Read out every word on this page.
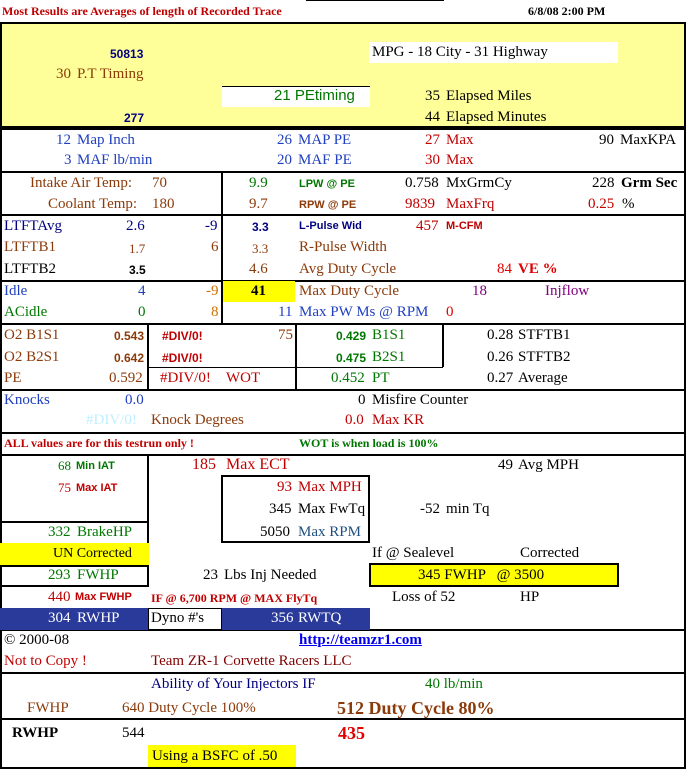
Most Results are Averages of length of Recorded Trace	6/8/08 2:00 PM
50813	MPG - 18 City - 31 Highway
30 P.T Timing
21 PEtiming	35 Elapsed Miles
277	44 Elapsed Minutes
12 Map Inch	26 MAP PE	27 Max	90 MaxKPA
3 MAF lb/min	20 MAF PE	30 Max
Intake Air Temp: 70	9.9	LPW @ PE	0.758 MxGrmCy	228 Grm Sec
Coolant Temp: 180	9.7	RPW @ PE	9839 MaxFrq	0.25 %
LTFTAvg	2.6	-9	3.3	L-Pulse Wid	457 M-CFM
LTFTB1	1.7	6	3.3 R-Pulse Width
LTFTB2	3.5	4.6 Avg Duty Cycle	84 VE %
Idle	4	-9 41 Max Duty Cycle	18	Injflow
ACidle	0	8	11 Max PW Ms @ RPM 0
O2 B1S1	0.543 #DIV/0!	75	0.429 B1S1	0.28 STFTB1
O2 B2S1	0.642 #DIV/0!	0.475 B2S1	0.26 STFTB2
PE	0.592 #DIV/0! WOT	0.452 PT	0.27 Average
Knocks	0.0	0 Misfire Counter
#DIV/0! Knock Degrees	0.0 Max KR
ALL values are for this testrun only !	WOT is when load is 100%
68 Min IAT	185 Max ECT	49 Avg MPH
75 Max IAT	93 Max MPH
345 Max FwTq	-52 min Tq
5050 Max RPM
332 BrakeHP
UN Corrected	If @ Sealevel	Corrected
293 FWHP	23 Lbs Inj Needed	345 FWHP   @ 3500
440 Max FWHP IF @ 6,700 RPM @ MAX FlyTq	Loss of 52	HP
304 RWHP Dyno #'s	356 RWTQ
© 2000-08	http://teamzr1.com
Not to Copy !	Team ZR-1 Corvette Racers LLC
Ability of Your Injectors IF	40 lb/min
FWHP	640 Duty Cycle 100%	512 Duty Cycle 80%
RWHP	544	435
Using a BSFC of .50
